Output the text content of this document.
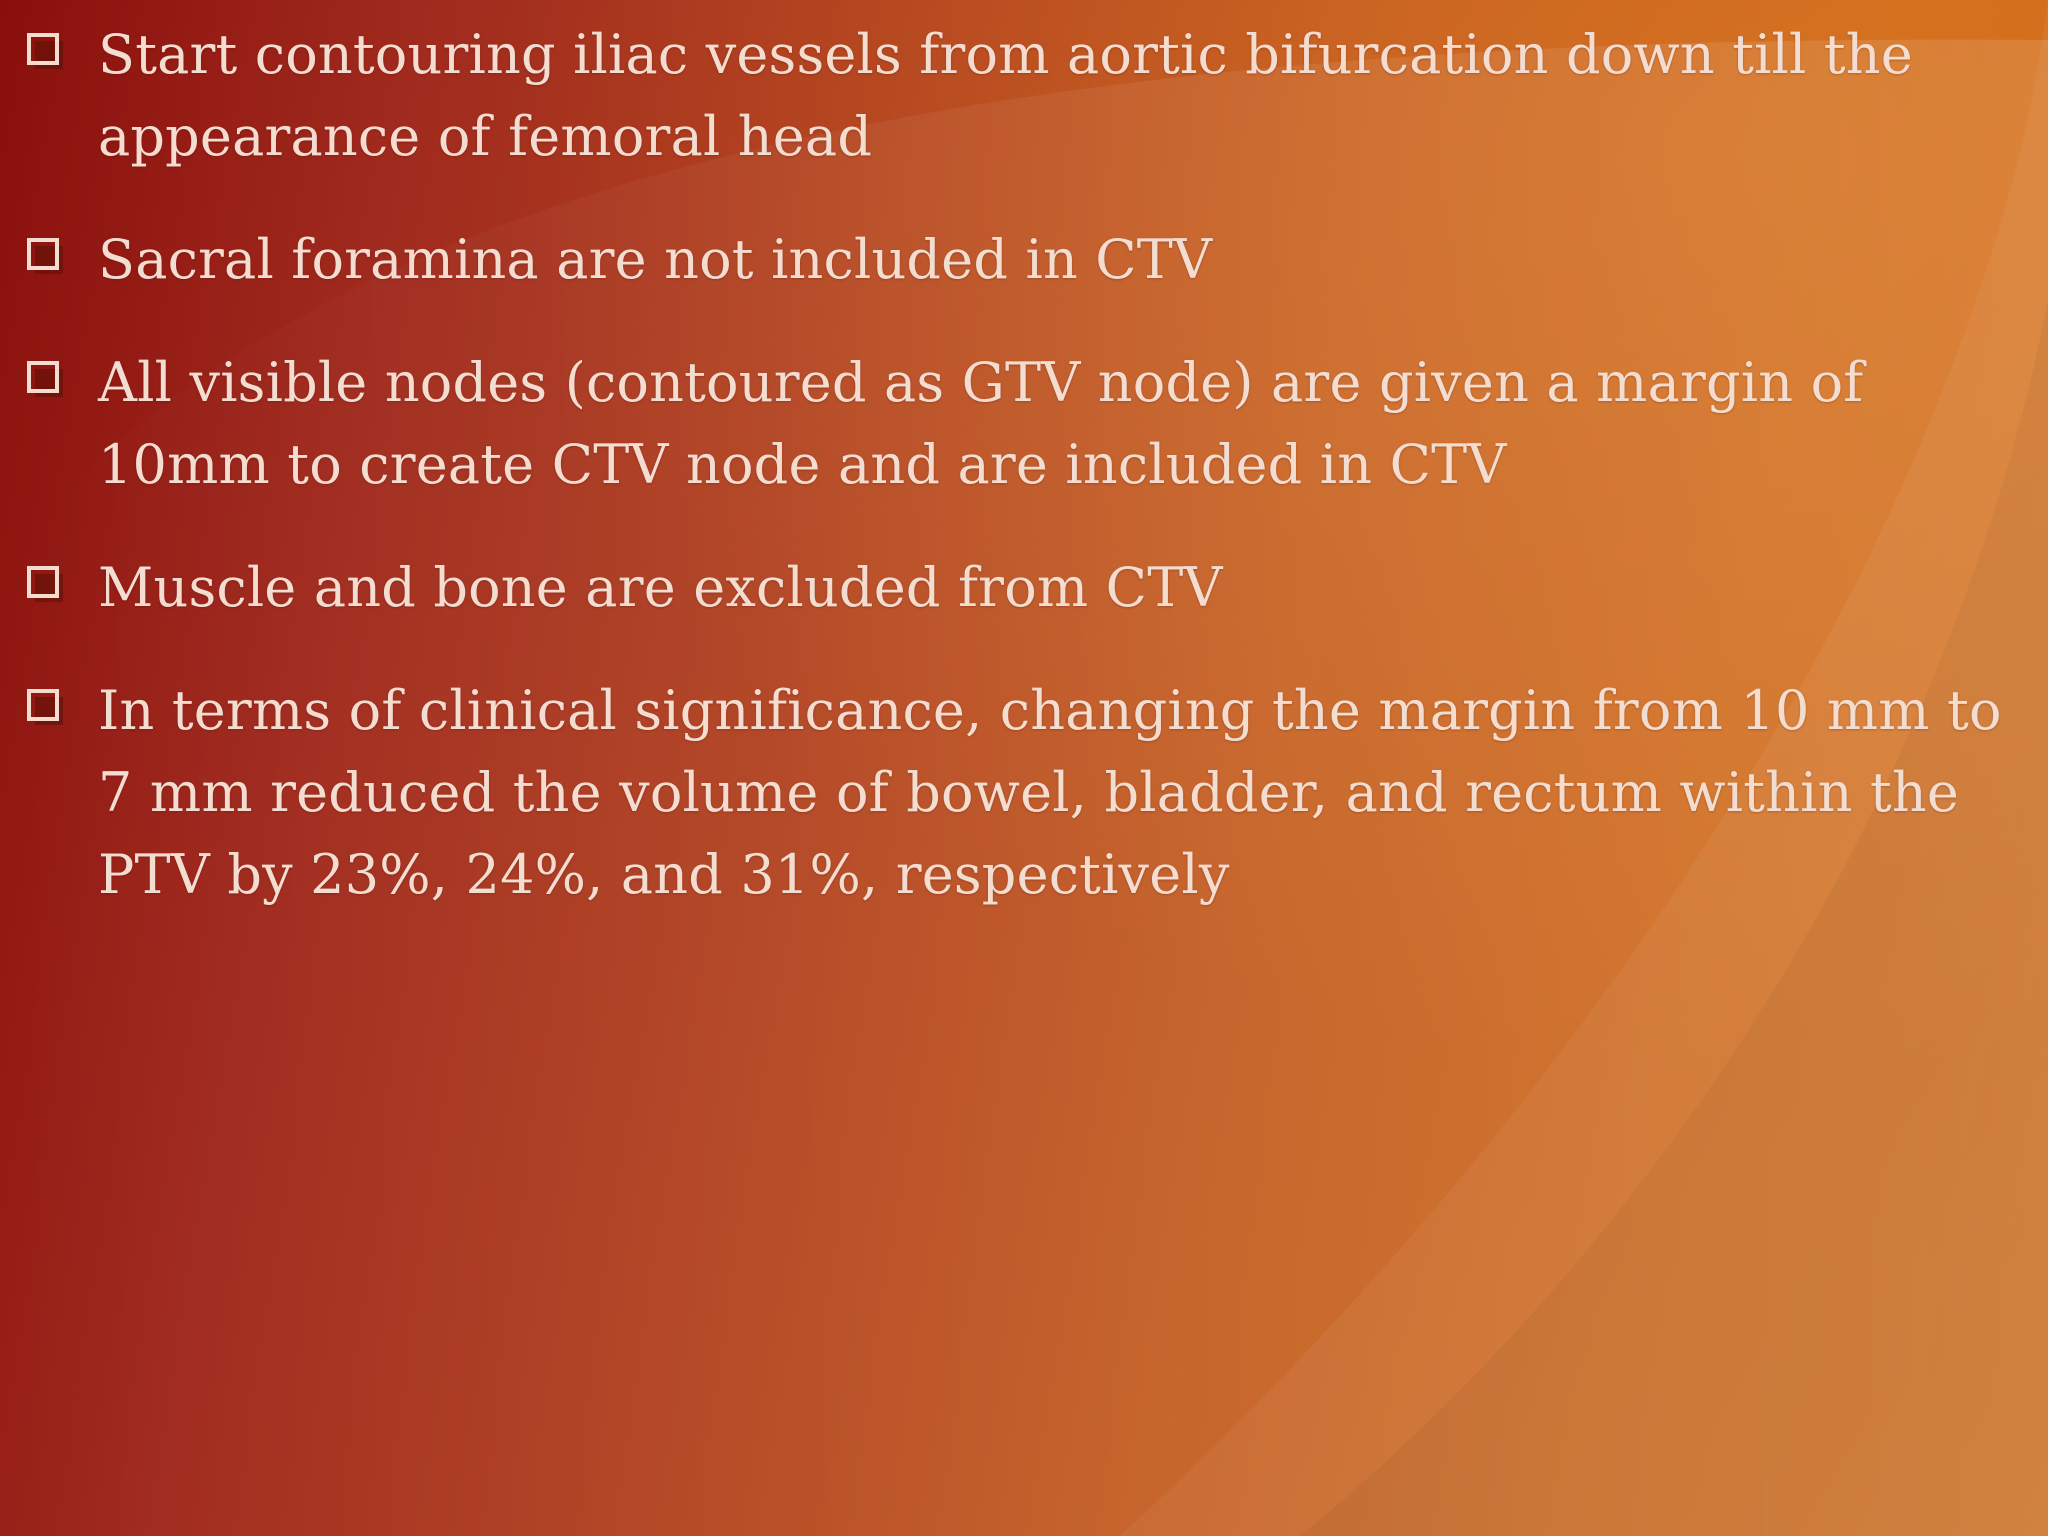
Start contouring iliac vessels from aortic bifurcation down till the appearance of femoral head
Sacral foramina are not included in CTV
All visible nodes (contoured as GTV node) are given a margin of 10mm to create CTV node and are included in CTV
Muscle and bone are excluded from CTV
In terms of clinical significance, changing the margin from 10 mm to 7 mm reduced the volume of bowel, bladder, and rectum within the PTV by 23%, 24%, and 31%, respectively
